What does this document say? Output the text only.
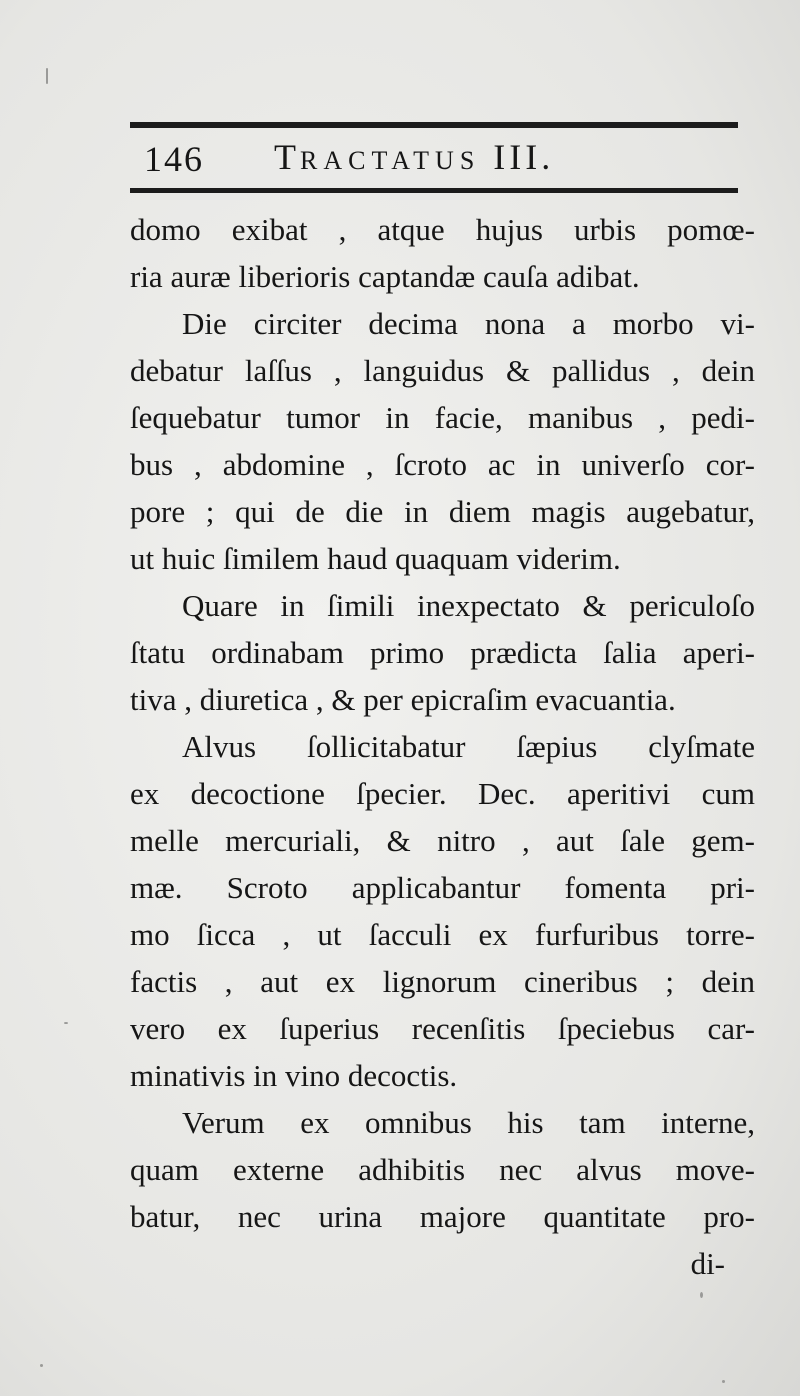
146 TRACTATUS III.
domo exibat , atque hujus urbis pomœ-
ria auræ liberioris captandæ cauſa adibat.
Die circiter decima nona a morbo vi-
debatur laſſus , languidus & pallidus , dein
ſequebatur tumor in facie, manibus , pedi-
bus , abdomine , ſcroto ac in univerſo cor-
pore ; qui de die in diem magis augebatur,
ut huic ſimilem haud quaquam viderim.
Quare in ſimili inexpectato & periculoſo
ſtatu ordinabam primo prædicta ſalia aperi-
tiva , diuretica , & per epicraſim evacuantia.
Alvus ſollicitabatur ſæpius clyſmate
ex decoctione ſpecier. Dec. aperitivi cum
melle mercuriali, & nitro , aut ſale gem-
mæ. Scroto applicabantur fomenta pri-
mo ſicca , ut ſacculi ex furfuribus torre-
factis , aut ex lignorum cineribus ; dein
vero ex ſuperius recenſitis ſpeciebus car-
minativis in vino decoctis.
Verum ex omnibus his tam interne,
quam externe adhibitis nec alvus move-
batur, nec urina majore quantitate pro-
di-
